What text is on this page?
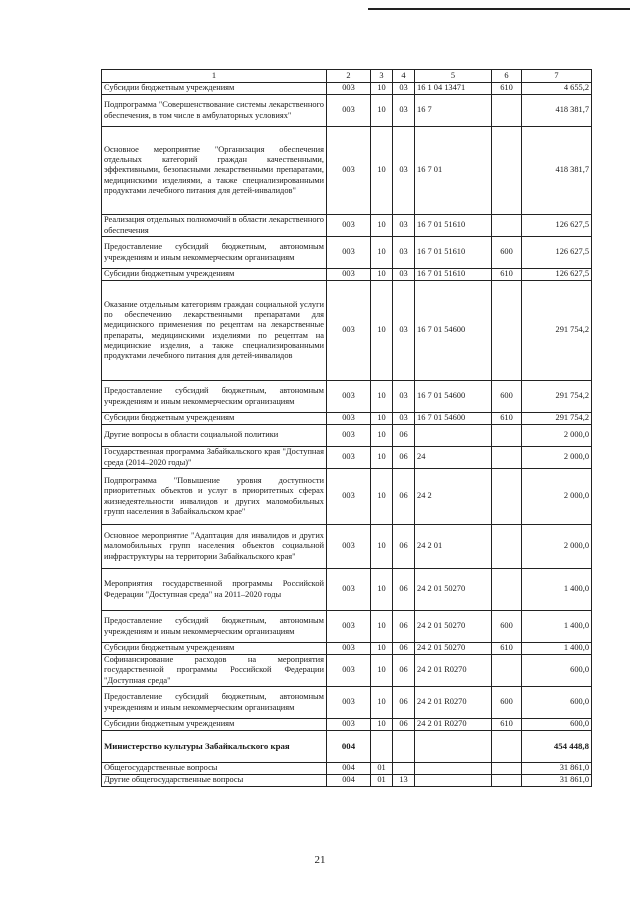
1	2	3	4	5	6	7
Субсидии бюджетным учреждениям	003	10	03	16 1 04 13471	610	4 655,2
Подпрограмма "Совершенствование системы лекарственного обеспечения, в том числе в амбулаторных условиях"	003	10	03	16 7		418 381,7
Основное мероприятие "Организация обеспечения отдельных категорий граждан качественными, эффективными, безопасными лекарственными препаратами, медицинскими изделиями, а также специализированными продуктами лечебного питания для детей-инвалидов"	003	10	03	16 7 01		418 381,7
Реализация отдельных полномочий в области лекарственного обеспечения	003	10	03	16 7 01 51610		126 627,5
Предоставление субсидий бюджетным, автономным учреждениям и иным некоммерческим организациям	003	10	03	16 7 01 51610	600	126 627,5
Субсидии бюджетным учреждениям	003	10	03	16 7 01 51610	610	126 627,5
Оказание отдельным категориям граждан социальной услуги по обеспечению лекарственными препаратами для медицинского применения по рецептам на лекарственные препараты, медицинскими изделиями по рецептам на медицинские изделия, а также специализированными продуктами лечебного питания для детей-инвалидов	003	10	03	16 7 01 54600		291 754,2
Предоставление субсидий бюджетным, автономным учреждениям и иным некоммерческим организациям	003	10	03	16 7 01 54600	600	291 754,2
Субсидии бюджетным учреждениям	003	10	03	16 7 01 54600	610	291 754,2
Другие вопросы в области социальной политики	003	10	06			2 000,0
Государственная программа Забайкальского края "Доступная среда (2014–2020 годы)"	003	10	06	24		2 000,0
Подпрограмма "Повышение уровня доступности приоритетных объектов и услуг в приоритетных сферах жизнедеятельности инвалидов и других маломобильных групп населения в Забайкальском крае"	003	10	06	24 2		2 000,0
Основное мероприятие "Адаптация для инвалидов и других маломобильных групп населения объектов социальной инфраструктуры на территории Забайкальского края"	003	10	06	24 2 01		2 000,0
Мероприятия государственной программы Российской Федерации "Доступная среда" на 2011–2020 годы	003	10	06	24 2 01 50270		1 400,0
Предоставление субсидий бюджетным, автономным учреждениям и иным некоммерческим организациям	003	10	06	24 2 01 50270	600	1 400,0
Субсидии бюджетным учреждениям	003	10	06	24 2 01 50270	610	1 400,0
Софинансирование расходов на мероприятия государственной программы Российской Федерации "Доступная среда"	003	10	06	24 2 01 R0270		600,0
Предоставление субсидий бюджетным, автономным учреждениям и иным некоммерческим организациям	003	10	06	24 2 01 R0270	600	600,0
Субсидии бюджетным учреждениям	003	10	06	24 2 01 R0270	610	600,0
Министерство культуры Забайкальского края	004					454 448,8
Общегосударственные вопросы	004	01				31 861,0
Другие общегосударственные вопросы	004	01	13			31 861,0
21
